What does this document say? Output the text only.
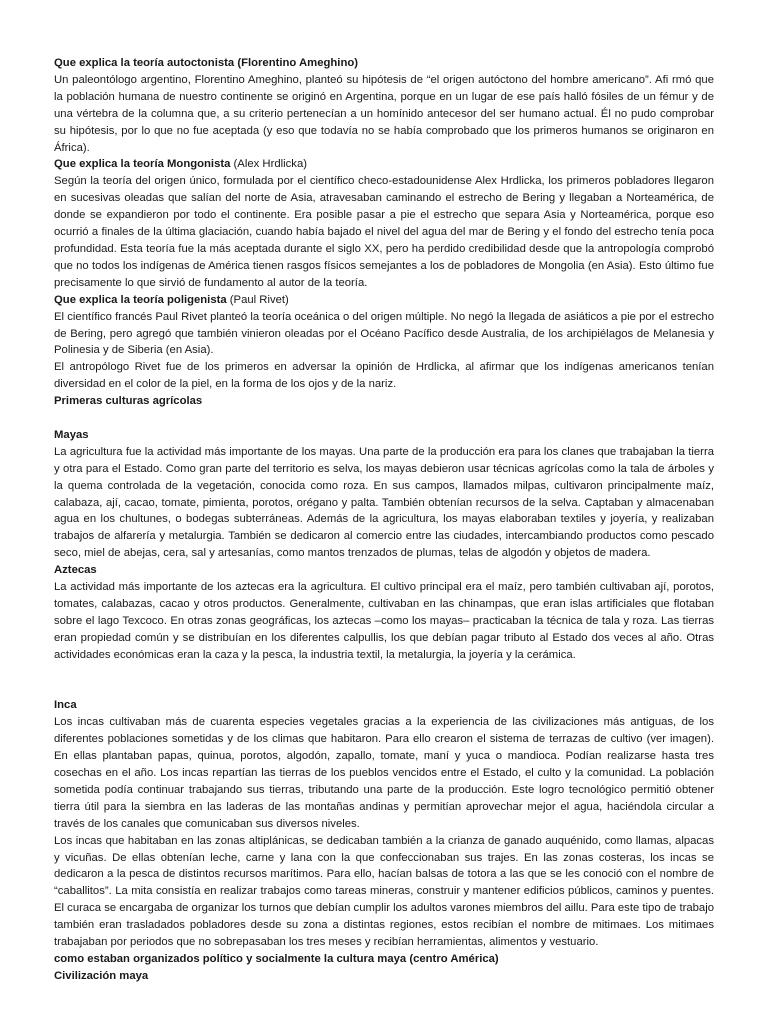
Que explica la teoría autoctonista (Florentino Ameghino)

Un paleontólogo argentino, Florentino Ameghino, planteó su hipótesis de “el origen autóctono del hombre americano”. Afi rmó que la población humana de nuestro continente se originó en Argentina, porque en un lugar de ese país halló fósiles de un fémur y de una vértebra de la columna que, a su criterio pertenecían a un homínido antecesor del ser humano actual. Él no pudo comprobar su hipótesis, por lo que no fue aceptada (y eso que todavía no se había comprobado que los primeros humanos se originaron en África).

Que explica la teoría Mongonista (Alex Hrdlicka)

Según la teoría del origen único, formulada por el científico checo-estadounidense Alex Hrdlicka, los primeros pobladores llegaron en sucesivas oleadas que salían del norte de Asia, atravesaban caminando el estrecho de Bering y llegaban a Norteamérica, de donde se expandieron por todo el continente. Era posible pasar a pie el estrecho que separa Asia y Norteamérica, porque eso ocurrió a finales de la última glaciación, cuando había bajado el nivel del agua del mar de Bering y el fondo del estrecho tenía poca profundidad. Esta teoría fue la más aceptada durante el siglo XX, pero ha perdido credibilidad desde que la antropología comprobó que no todos los indígenas de América tienen rasgos físicos semejantes a los de pobladores de Mongolia (en Asia). Esto último fue precisamente lo que sirvió de fundamento al autor de la teoría.

Que explica la teoría poligenista (Paul Rivet)

El científico francés Paul Rivet planteó la teoría oceánica o del origen múltiple. No negó la llegada de asiáticos a pie por el estrecho de Bering, pero agregó que también vinieron oleadas por el Océano Pacífico desde Australia, de los archipiélagos de Melanesia y Polinesia y de Siberia (en Asia).

El antropólogo Rivet fue de los primeros en adversar la opinión de Hrdlicka, al afirmar que los indígenas americanos tenían diversidad en el color de la piel, en la forma de los ojos y de la nariz.

Primeras culturas agrícolas

Mayas

La agricultura fue la actividad más importante de los mayas. Una parte de la producción era para los clanes que trabajaban la tierra y otra para el Estado. Como gran parte del territorio es selva, los mayas debieron usar técnicas agrícolas como la tala de árboles y la quema controlada de la vegetación, conocida como roza. En sus campos, llamados milpas, cultivaron principalmente maíz, calabaza, ají, cacao, tomate, pimienta, porotos, orégano y palta. También obtenían recursos de la selva. Captaban y almacenaban agua en los chultunes, o bodegas subterráneas. Además de la agricultura, los mayas elaboraban textiles y joyería, y realizaban trabajos de alfarería y metalurgia. También se dedicaron al comercio entre las ciudades, intercambiando productos como pescado seco, miel de abejas, cera, sal y artesanías, como mantos trenzados de plumas, telas de algodón y objetos de madera.

Aztecas

La actividad más importante de los aztecas era la agricultura. El cultivo principal era el maíz, pero también cultivaban ají, porotos, tomates, calabazas, cacao y otros productos. Generalmente, cultivaban en las chinampas, que eran islas artificiales que flotaban sobre el lago Texcoco. En otras zonas geográficas, los aztecas –como los mayas– practicaban la técnica de tala y roza. Las tierras eran propiedad común y se distribuían en los diferentes calpullis, los que debían pagar tributo al Estado dos veces al año. Otras actividades económicas eran la caza y la pesca, la industria textil, la metalurgia, la joyería y la cerámica.

Inca

Los incas cultivaban más de cuarenta especies vegetales gracias a la experiencia de las civilizaciones más antiguas, de los diferentes poblaciones sometidas y de los climas que habitaron. Para ello crearon el sistema de terrazas de cultivo (ver imagen). En ellas plantaban papas, quinua, porotos, algodón, zapallo, tomate, maní y yuca o mandioca. Podían realizarse hasta tres cosechas en el año. Los incas repartían las tierras de los pueblos vencidos entre el Estado, el culto y la comunidad. La población sometida podía continuar trabajando sus tierras, tributando una parte de la producción. Este logro tecnológico permitió obtener tierra útil para la siembra en las laderas de las montañas andinas y permitían aprovechar mejor el agua, haciéndola circular a través de los canales que comunicaban sus diversos niveles.

Los incas que habitaban en las zonas altiplánicas, se dedicaban también a la crianza de ganado auquénido, como llamas, alpacas y vicuñas. De ellas obtenían leche, carne y lana con la que confeccionaban sus trajes. En las zonas costeras, los incas se dedicaron a la pesca de distintos recursos marítimos. Para ello, hacían balsas de totora a las que se les conoció con el nombre de “caballitos”. La mita consistía en realizar trabajos como tareas mineras, construir y mantener edificios públicos, caminos y puentes. El curaca se encargaba de organizar los turnos que debían cumplir los adultos varones miembros del aillu. Para este tipo de trabajo también eran trasladados pobladores desde su zona a distintas regiones, estos recibían el nombre de mitimaes. Los mitimaes trabajaban por periodos que no sobrepasaban los tres meses y recibían herramientas, alimentos y vestuario.

como estaban organizados político y socialmente la cultura maya (centro América)

Civilización maya
